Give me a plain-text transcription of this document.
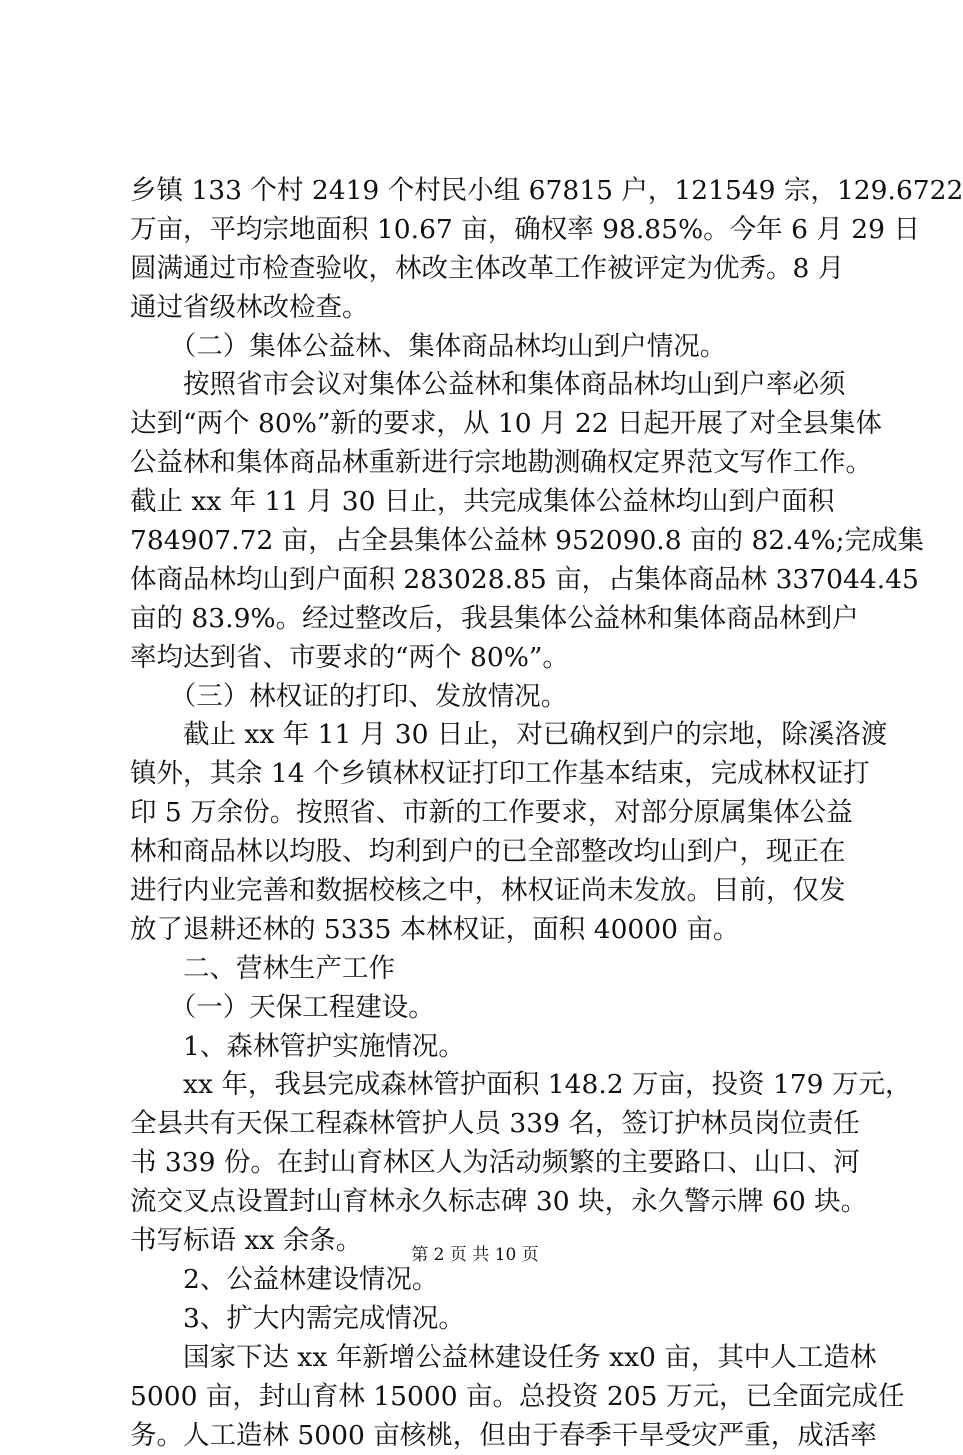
乡镇 133 个村 2419 个村民小组 67815 户，121549 宗，129.6722
万亩，平均宗地面积 10.67 亩，确权率 98.85%。今年 6 月 29 日
圆满通过市检查验收，林改主体改革工作被评定为优秀。8 月
通过省级林改检查。
　　（二）集体公益林、集体商品林均山到户情况。
　　按照省市会议对集体公益林和集体商品林均山到户率必须
达到“两个 80%”新的要求，从 10 月 22 日起开展了对全县集体
公益林和集体商品林重新进行宗地勘测确权定界范文写作工作。
截止 xx 年 11 月 30 日止，共完成集体公益林均山到户面积
784907.72 亩，占全县集体公益林 952090.8 亩的 82.4%;完成集
体商品林均山到户面积 283028.85 亩，占集体商品林 337044.45
亩的 83.9%。经过整改后，我县集体公益林和集体商品林到户
率均达到省、市要求的“两个 80%”。
　　（三）林权证的打印、发放情况。
　　截止 xx 年 11 月 30 日止，对已确权到户的宗地，除溪洛渡
镇外，其余 14 个乡镇林权证打印工作基本结束，完成林权证打
印 5 万余份。按照省、市新的工作要求，对部分原属集体公益
林和商品林以均股、均利到户的已全部整改均山到户，现正在
进行内业完善和数据校核之中，林权证尚未发放。目前，仅发
放了退耕还林的 5335 本林权证，面积 40000 亩。
　　二、营林生产工作
　　（一）天保工程建设。
　　1、森林管护实施情况。
　　xx 年，我县完成森林管护面积 148.2 万亩，投资 179 万元，
全县共有天保工程森林管护人员 339 名，签订护林员岗位责任
书 339 份。在封山育林区人为活动频繁的主要路口、山口、河
流交叉点设置封山育林永久标志碑 30 块，永久警示牌 60 块。
书写标语 xx 余条。
　　2、公益林建设情况。
　　3、扩大内需完成情况。
　　国家下达 xx 年新增公益林建设任务 xx0 亩，其中人工造林
5000 亩，封山育林 15000 亩。总投资 205 万元，已全面完成任
务。人工造林 5000 亩核桃，但由于春季干旱受灾严重，成活率
第 2 页 共 10 页
